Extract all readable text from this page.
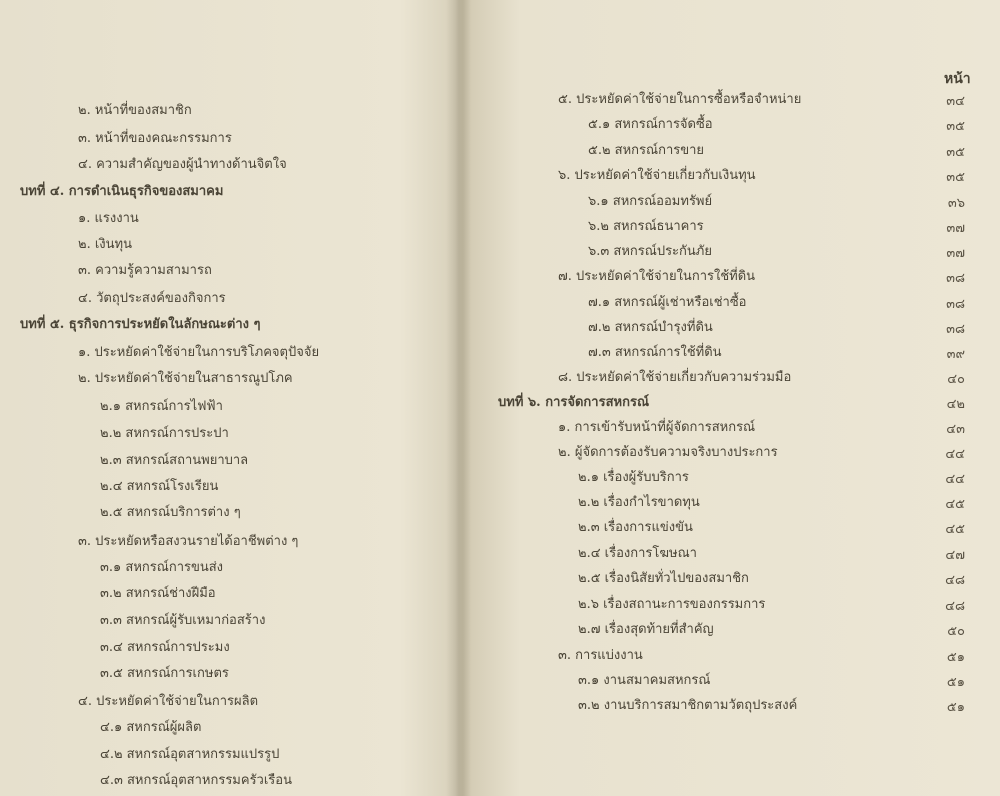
๒. หน้าที่ของสมาชิก
๓. หน้าที่ของคณะกรรมการ
๔. ความสำคัญของผู้นำทางด้านจิตใจ
บทที่ ๔. การดำเนินธุรกิจของสมาคม
๑. แรงงาน
๒. เงินทุน
๓. ความรู้ความสามารถ
๔. วัตถุประสงค์ของกิจการ
บทที่ ๕. ธุรกิจการประหยัดในลักษณะต่าง ๆ
๑. ประหยัดค่าใช้จ่ายในการบริโภคจตุปัจจัย
๒. ประหยัดค่าใช้จ่ายในสาธารณูปโภค
๒.๑ สหกรณ์การไฟฟ้า
๒.๒ สหกรณ์การประปา
๒.๓ สหกรณ์สถานพยาบาล
๒.๔ สหกรณ์โรงเรียน
๒.๕ สหกรณ์บริการต่าง ๆ
๓. ประหยัดหรือสงวนรายได้อาชีพต่าง ๆ
๓.๑ สหกรณ์การขนส่ง
๓.๒ สหกรณ์ช่างฝีมือ
๓.๓ สหกรณ์ผู้รับเหมาก่อสร้าง
๓.๔ สหกรณ์การประมง
๓.๕ สหกรณ์การเกษตร
๔. ประหยัดค่าใช้จ่ายในการผลิต
๔.๑ สหกรณ์ผู้ผลิต
๔.๒ สหกรณ์อุตสาหกรรมแปรรูป
๔.๓ สหกรณ์อุตสาหกรรมครัวเรือน
หน้า
๕. ประหยัดค่าใช้จ่ายในการซื้อหรือจำหน่าย	๓๔
๕.๑ สหกรณ์การจัดซื้อ	๓๕
๕.๒ สหกรณ์การขาย	๓๕
๖. ประหยัดค่าใช้จ่ายเกี่ยวกับเงินทุน	๓๕
๖.๑ สหกรณ์ออมทรัพย์	๓๖
๖.๒ สหกรณ์ธนาคาร	๓๗
๖.๓ สหกรณ์ประกันภัย	๓๗
๗. ประหยัดค่าใช้จ่ายในการใช้ที่ดิน	๓๘
๗.๑ สหกรณ์ผู้เช่าหรือเช่าซื้อ	๓๘
๗.๒ สหกรณ์บำรุงที่ดิน	๓๘
๗.๓ สหกรณ์การใช้ที่ดิน	๓๙
๘. ประหยัดค่าใช้จ่ายเกี่ยวกับความร่วมมือ	๔๐
บทที่ ๖. การจัดการสหกรณ์	๔๒
๑. การเข้ารับหน้าที่ผู้จัดการสหกรณ์	๔๓
๒. ผู้จัดการต้องรับความจริงบางประการ	๔๔
๒.๑ เรื่องผู้รับบริการ	๔๔
๒.๒ เรื่องกำไรขาดทุน	๔๕
๒.๓ เรื่องการแข่งขัน	๔๕
๒.๔ เรื่องการโฆษณา	๔๗
๒.๕ เรื่องนิสัยทั่วไปของสมาชิก	๔๘
๒.๖ เรื่องสถานะการของกรรมการ	๔๘
๒.๗ เรื่องสุดท้ายที่สำคัญ	๕๐
๓. การแบ่งงาน	๕๑
๓.๑ งานสมาคมสหกรณ์	๕๑
๓.๒ งานบริการสมาชิกตามวัตถุประสงค์	๕๑
